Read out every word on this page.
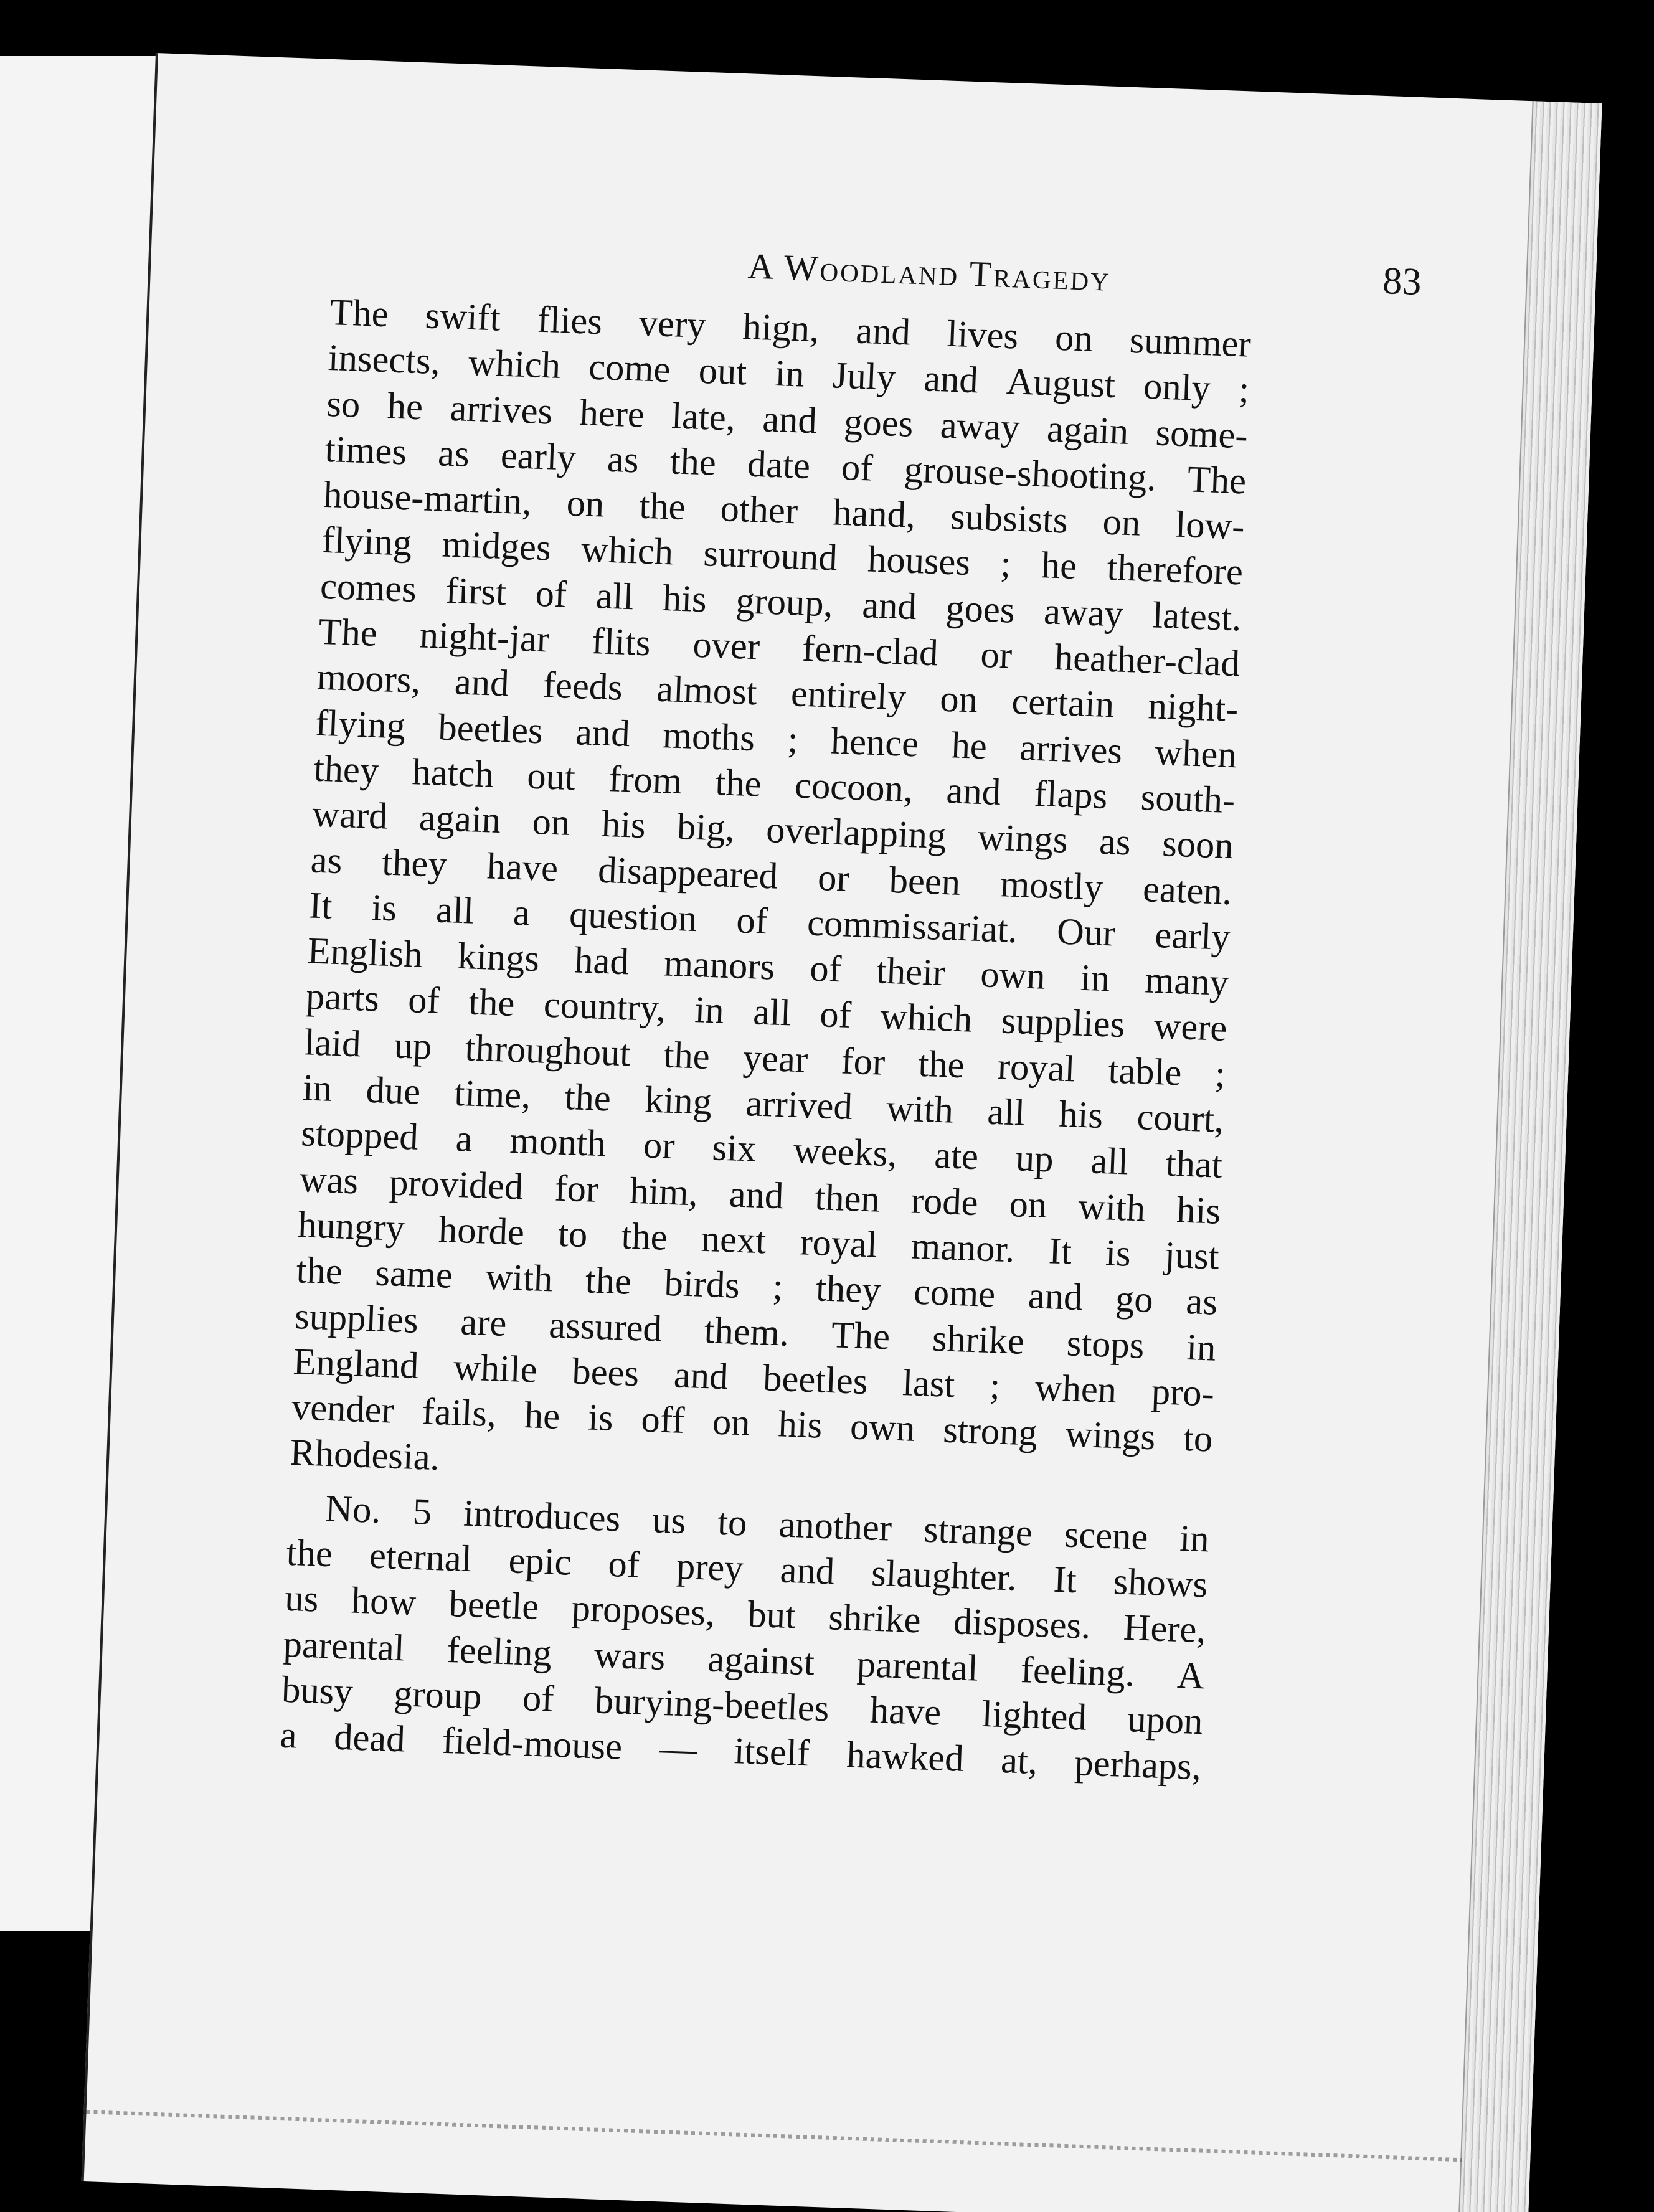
A Woodland Tragedy	83
The swift flies very hign, and lives on summer
insects, which come out in July and August only ;
so he arrives here late, and goes away again some-
times as early as the date of grouse-shooting. The
house-martin, on the other hand, subsists on low-
flying midges which surround houses ; he therefore
comes first of all his group, and goes away latest.
The night-jar flits over fern-clad or heather-clad
moors, and feeds almost entirely on certain night-
flying beetles and moths ; hence he arrives when
they hatch out from the cocoon, and flaps south-
ward again on his big, overlapping wings as soon
as they have disappeared or been mostly eaten.
It is all a question of commissariat. Our early
English kings had manors of their own in many
parts of the country, in all of which supplies were
laid up throughout the year for the royal table ;
in due time, the king arrived with all his court,
stopped a month or six weeks, ate up all that
was provided for him, and then rode on with his
hungry horde to the next royal manor. It is just
the same with the birds ; they come and go as
supplies are assured them. The shrike stops in
England while bees and beetles last ; when pro-
vender fails, he is off on his own strong wings to
Rhodesia.
No. 5 introduces us to another strange scene in
the eternal epic of prey and slaughter. It shows
us how beetle proposes, but shrike disposes. Here,
parental feeling wars against parental feeling. A
busy group of burying-beetles have lighted upon
a dead field-mouse — itself hawked at, perhaps,
